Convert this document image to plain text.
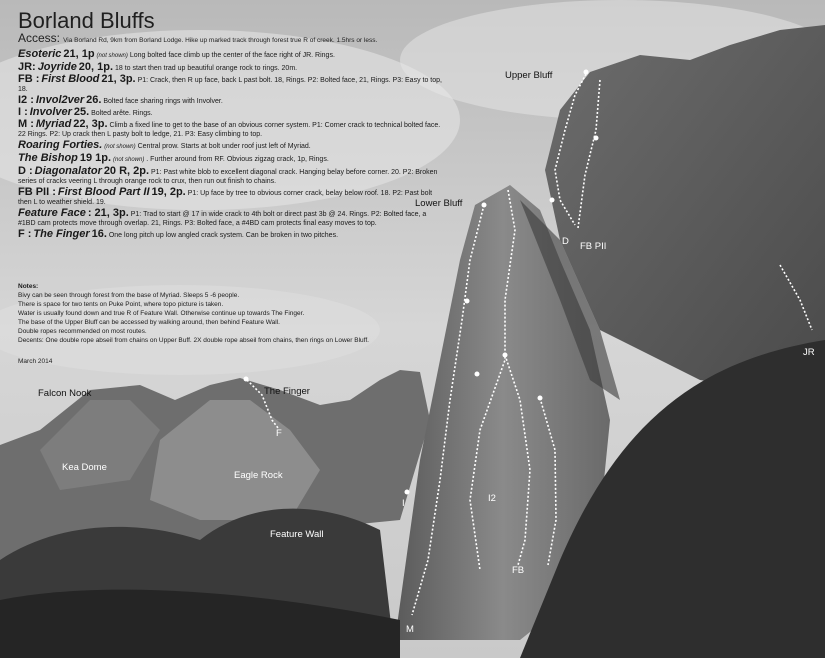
Borland Bluffs
Access: Via Borland Rd, 9km from Borland Lodge. Hike up marked track through forest true R of creek. 1.5hrs or less.
Esoteric 21, 1p (not shown) Long bolted face climb up the center of the face right of JR. Rings.
JR: Joyride 20, 1p. 18 to start then trad up beautiful orange rock to rings. 20m.
FB : First Blood 21, 3p. P1: Crack, then R up face, back L past bolt. 18, Rings. P2: Bolted face, 21, Rings. P3: Easy to top, 18.
I2 : Invol2ver 26. Bolted face sharing rings with Involver.
I : Involver 25. Bolted arête. Rings.
M : Myriad 22, 3p. Climb a fixed line to get to the base of an obvious corner system. P1: Corner crack to technical bolted face. 22 Rings. P2: Up crack then L pasty bolt to ledge, 21. P3: Easy climbing to top.
Roaring Forties. (not shown) Central prow. Starts at bolt under roof just left of Myriad.
The Bishop 19 1p. (not shown) . Further around from RF. Obvious zigzag crack, 1p, Rings.
D : Diagonalator 20 R, 2p. P1: Past white blob to excellent diagonal crack. Hanging belay before corner. 20. P2: Broken series of cracks veering L through orange rock to crux, then run out finish to chains.
FB PII : First Blood Part II 19, 2p. P1: Up face by tree to obvious corner crack, belay below roof. 18. P2: Past bolt then L to weather shield. 19.
Feature Face : 21, 3p. P1: Trad to start @ 17 in wide crack to 4th bolt or direct past 3b @ 24. Rings. P2: Bolted face, a #1BD cam protects move through overlap. 21, Rings. P3: Bolted face, a #4BD cam protects final easy moves to top.
F : The Finger 16. One long pitch up low angled crack system. Can be broken in two pitches.
Notes:
Bivy can be seen through forest from the base of Myriad. Sleeps 5 -6 people.
There is space for two tents on Puke Point, where topo picture is taken.
Water is usually found down and true R of Feature Wall. Otherwise continue up towards The Finger.
The base of the Upper Bluff can be accessed by walking around, then behind Feature Wall.
Double ropes recommended on most routes.
Decents: One double rope abseil from chains on Upper Buff. 2X double rope abseil from chains, then rings on Lower Bluff.
March 2014
Upper Bluff
Lower Bluff
D FB PII
JR
Falcon Nook	The Finger
F
Kea Dome
Eagle Rock
Feature Wall
I	I2
FB
M
